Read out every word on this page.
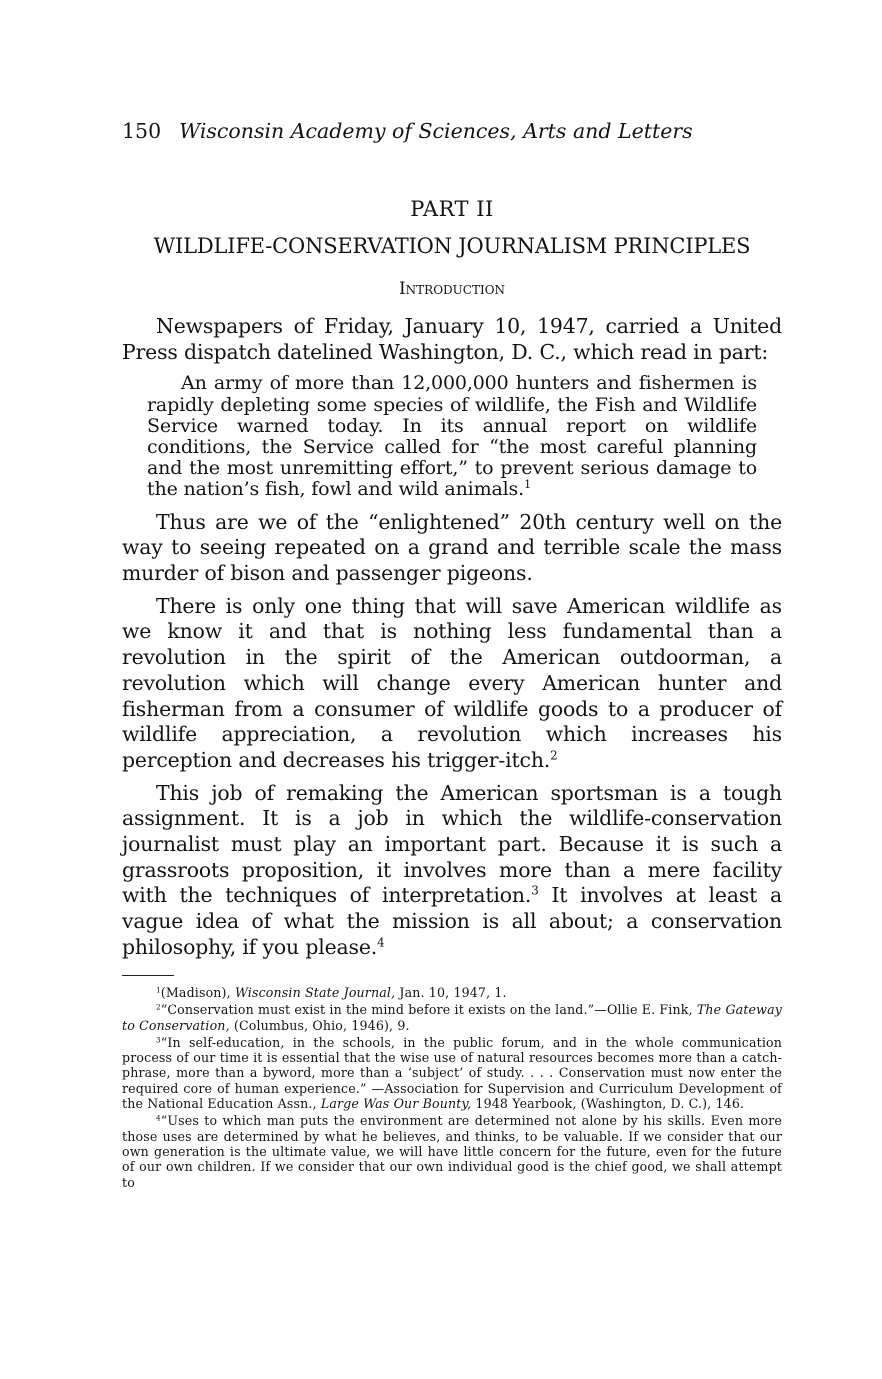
150 Wisconsin Academy of Sciences, Arts and Letters
PART II
WILDLIFE-CONSERVATION JOURNALISM PRINCIPLES
Introduction

Newspapers of Friday, January 10, 1947, carried a United Press dispatch datelined Washington, D. C., which read in part:

An army of more than 12,000,000 hunters and fishermen is rapidly depleting some species of wildlife, the Fish and Wildlife Service warned today. In its annual report on wildlife conditions, the Service called for “the most careful planning and the most unremitting effort,” to prevent serious damage to the nation’s fish, fowl and wild animals.$^1$

Thus are we of the “enlightened” 20th century well on the way to seeing repeated on a grand and terrible scale the mass murder of bison and passenger pigeons.

There is only one thing that will save American wildlife as we know it and that is nothing less fundamental than a revolution in the spirit of the American outdoorman, a revolution which will change every American hunter and fisherman from a consumer of wildlife goods to a producer of wildlife appreciation, a revolution which increases his perception and decreases his trigger-itch.$^2$

This job of remaking the American sportsman is a tough assignment. It is a job in which the wildlife-conservation journalist must play an important part. Because it is such a grassroots proposition, it involves more than a mere facility with the techniques of interpretation.$^3$ It involves at least a vague idea of what the mission is all about; a conservation philosophy, if you please.$^4$

$^1$(Madison), Wisconsin State Journal, Jan. 10, 1947, 1.

$^2$“Conservation must exist in the mind before it exists on the land.”—Ollie E. Fink, The Gateway to Conservation, (Columbus, Ohio, 1946), 9.

$^3$“In self-education, in the schools, in the public forum, and in the whole communication process of our time it is essential that the wise use of natural resources becomes more than a catch-phrase, more than a byword, more than a ‘subject’ of study. . . . Conservation must now enter the required core of human experience.” —Association for Supervision and Curriculum Development of the National Education Assn., Large Was Our Bounty, 1948 Yearbook, (Washington, D. C.), 146.

$^4$“Uses to which man puts the environment are determined not alone by his skills. Even more those uses are determined by what he believes, and thinks, to be valuable. If we consider that our own generation is the ultimate value, we will have little concern for the future, even for the future of our own children. If we consider that our own individual good is the chief good, we shall attempt to
